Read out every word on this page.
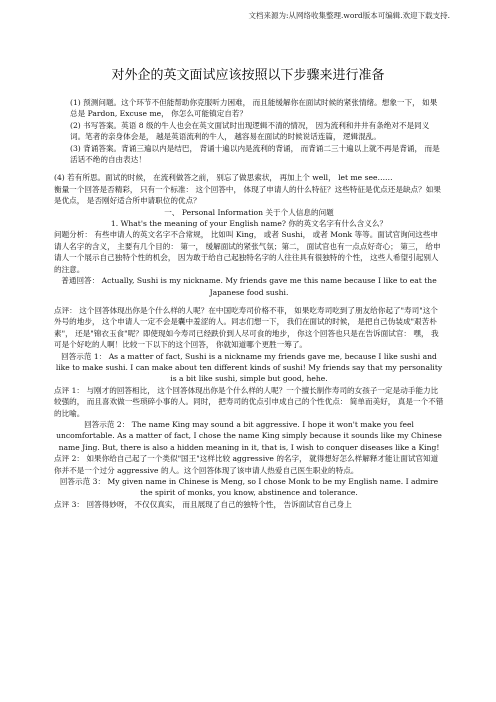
文档来源为:从网络收集整理.word版本可编辑.欢迎下载支持.
对外企的英文面试应该按照以下步骤来进行准备

(1) 预测问题。这个环节不但能帮助你克服听力困难， 而且能缓解你在面试时候的紧张情绪。想象一下， 如果总是 Pardon, Excuse me， 你怎么可能镇定自若？

(2) 书写答案。英语 8 级的牛人也会在英文面试时出现逻辑不清的情况， 因为流利和井井有条绝对不是同义词。笔者的亲身体会是， 越是英语流利的牛人， 越容易在面试的时候说话连篇， 逻辑混乱。

(3) 背诵答案。背诵三遍以内是结巴， 背诵十遍以内是流利的背诵， 而背诵二三十遍以上就不再是背诵， 而是活话不绝的自由表达！

(4) 若有所思。面试的时候， 在流利做答之前， 别忘了做思索状， 再加上个 well， let me see……

衡量一个回答是否精彩， 只有一个标准： 这个回答中， 体现了申请人的什么特征？这些特征是优点还是缺点？如果是优点， 是否刚好适合所申请职位的优点？

一、 Personal Information 关于个人信息的问题

1. What's the meaning of your English name? 你的英文名字有什么含义么？

问题分析： 有些申请人的英文名字不合常规， 比如叫 King， 或者 Sushi， 或者 Monk 等等。面试官询问这些申请人名字的含义， 主要有几个目的： 第一， 缓解面试的紧张气氛；第二， 面试官也有一点点好奇心； 第三， 给申请人一个展示自己独特个性的机会， 因为敢于给自己起独特名字的人往往具有很独特的个性， 这些人希望引起别人的注意。

普通回答： Actually, Sushi is my nickname. My friends gave me this name because I like to eat the Japanese food sushi.

点评： 这个回答体现出你是个什么样的人呢？在中国吃寿司价格不菲， 如果吃寿司吃到了朋友给你起了"寿司"这个外号的地步， 这个申请人一定不会是囊中羞涩的人。同志们想一下， 我们在面试的时候， 是把自己伪装成"艰苦朴素"， 还是"锦衣玉食"呢？即使现如今寿司已经跌价到人尽可食的地步， 你这个回答也只是在告诉面试官： 嘿， 我可是个好吃的人啊！比较一下以下的这个回答， 你就知道哪个更胜一筹了。

回答示范 1： As a matter of fact, Sushi is a nickname my friends gave me, because I like sushi and like to make sushi. I can make about ten different kinds of sushi! My friends say that my personality is a bit like sushi, simple but good, hehe.

点评 1： 与刚才的回答相比， 这个回答体现出你是个什么样的人呢？一个擅长制作寿司的女孩子一定是动手能力比较强的， 而且喜欢做一些琐碎小事的人。同时， 把寿司的优点引申成自己的个性优点： 简单而美好， 真是一个不错的比喻。

回答示范 2： The name King may sound a bit aggressive. I hope it won't make you feel uncomfortable. As a matter of fact, I chose the name King simply because it sounds like my Chinese name Jing. But, there is also a hidden meaning in it, that is, I wish to conquer diseases like a King!

点评 2： 如果你给自己起了一个类似"国王"这样比较 aggressive 的名字， 就得想好怎么样解释才能让面试官知道你并不是一个过分 aggressive 的人。这个回答体现了该申请人热爱自己医生职业的特点。

回答示范 3： My given name in Chinese is Meng, so I chose Monk to be my English name. I admire the spirit of monks, you know, abstinence and tolerance.

点评 3： 回答得妙呀， 不仅仅真实， 而且展现了自己的独特个性， 告诉面试官自己身上
